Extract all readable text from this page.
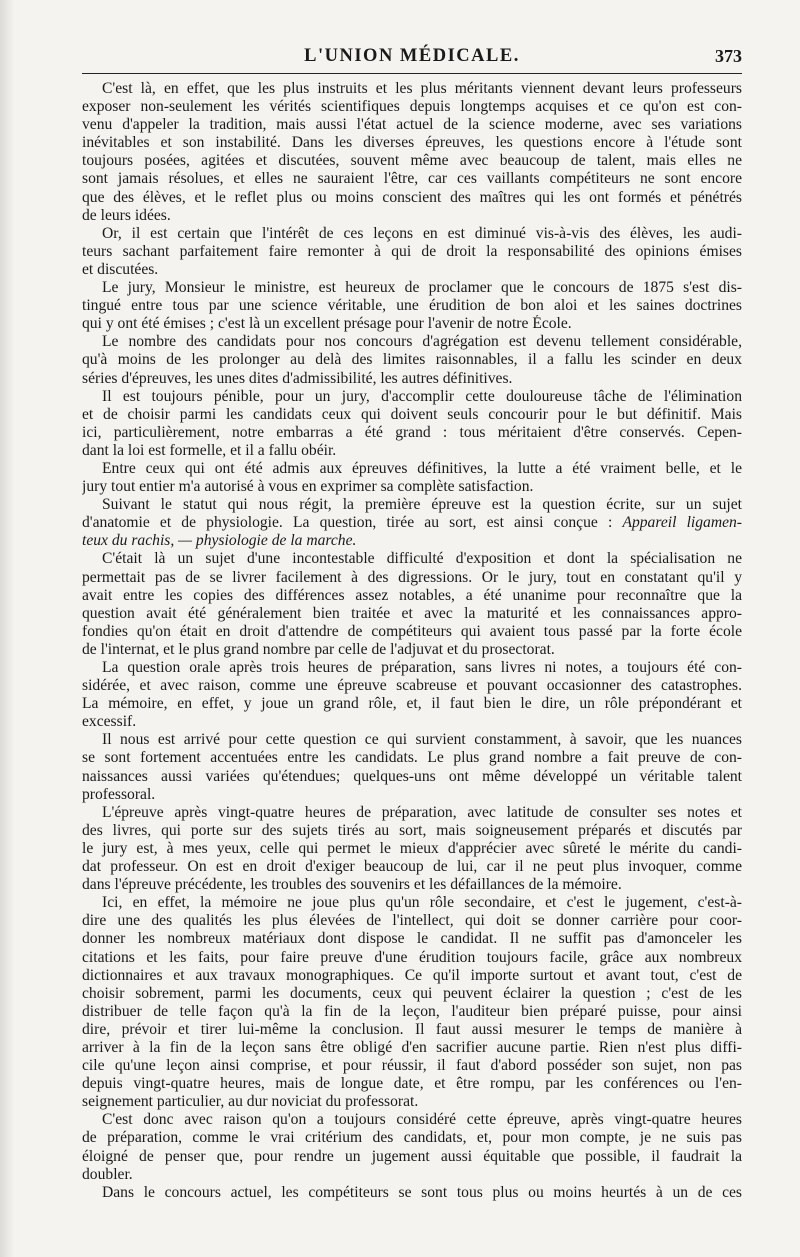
L'UNION MÉDICALE.	373
C'est là, en effet, que les plus instruits et les plus méritants viennent devant leurs professeurs
exposer non-seulement les vérités scientifiques depuis longtemps acquises et ce qu'on est con-
venu d'appeler la tradition, mais aussi l'état actuel de la science moderne, avec ses variations
inévitables et son instabilité. Dans les diverses épreuves, les questions encore à l'étude sont
toujours posées, agitées et discutées, souvent même avec beaucoup de talent, mais elles ne
sont jamais résolues, et elles ne sauraient l'être, car ces vaillants compétiteurs ne sont encore
que des élèves, et le reflet plus ou moins conscient des maîtres qui les ont formés et pénétrés
de leurs idées.
Or, il est certain que l'intérêt de ces leçons en est diminué vis-à-vis des élèves, les audi-
teurs sachant parfaitement faire remonter à qui de droit la responsabilité des opinions émises
et discutées.
Le jury, Monsieur le ministre, est heureux de proclamer que le concours de 1875 s'est dis-
tingué entre tous par une science véritable, une érudition de bon aloi et les saines doctrines
qui y ont été émises ; c'est là un excellent présage pour l'avenir de notre École.
Le nombre des candidats pour nos concours d'agrégation est devenu tellement considérable,
qu'à moins de les prolonger au delà des limites raisonnables, il a fallu les scinder en deux
séries d'épreuves, les unes dites d'admissibilité, les autres définitives.
Il est toujours pénible, pour un jury, d'accomplir cette douloureuse tâche de l'élimination
et de choisir parmi les candidats ceux qui doivent seuls concourir pour le but définitif. Mais
ici, particulièrement, notre embarras a été grand : tous méritaient d'être conservés. Cepen-
dant la loi est formelle, et il a fallu obéir.
Entre ceux qui ont été admis aux épreuves définitives, la lutte a été vraiment belle, et le
jury tout entier m'a autorisé à vous en exprimer sa complète satisfaction.
Suivant le statut qui nous régit, la première épreuve est la question écrite, sur un sujet
d'anatomie et de physiologie. La question, tirée au sort, est ainsi conçue : Appareil ligamen-
teux du rachis, — physiologie de la marche.
C'était là un sujet d'une incontestable difficulté d'exposition et dont la spécialisation ne
permettait pas de se livrer facilement à des digressions. Or le jury, tout en constatant qu'il y
avait entre les copies des différences assez notables, a été unanime pour reconnaître que la
question avait été généralement bien traitée et avec la maturité et les connaissances appro-
fondies qu'on était en droit d'attendre de compétiteurs qui avaient tous passé par la forte école
de l'internat, et le plus grand nombre par celle de l'adjuvat et du prosectorat.
La question orale après trois heures de préparation, sans livres ni notes, a toujours été con-
sidérée, et avec raison, comme une épreuve scabreuse et pouvant occasionner des catastrophes.
La mémoire, en effet, y joue un grand rôle, et, il faut bien le dire, un rôle prépondérant et
excessif.
Il nous est arrivé pour cette question ce qui survient constamment, à savoir, que les nuances
se sont fortement accentuées entre les candidats. Le plus grand nombre a fait preuve de con-
naissances aussi variées qu'étendues; quelques-uns ont même développé un véritable talent
professoral.
L'épreuve après vingt-quatre heures de préparation, avec latitude de consulter ses notes et
des livres, qui porte sur des sujets tirés au sort, mais soigneusement préparés et discutés par
le jury est, à mes yeux, celle qui permet le mieux d'apprécier avec sûreté le mérite du candi-
dat professeur. On est en droit d'exiger beaucoup de lui, car il ne peut plus invoquer, comme
dans l'épreuve précédente, les troubles des souvenirs et les défaillances de la mémoire.
Ici, en effet, la mémoire ne joue plus qu'un rôle secondaire, et c'est le jugement, c'est-à-
dire une des qualités les plus élevées de l'intellect, qui doit se donner carrière pour coor-
donner les nombreux matériaux dont dispose le candidat. Il ne suffit pas d'amonceler les
citations et les faits, pour faire preuve d'une érudition toujours facile, grâce aux nombreux
dictionnaires et aux travaux monographiques. Ce qu'il importe surtout et avant tout, c'est de
choisir sobrement, parmi les documents, ceux qui peuvent éclairer la question ; c'est de les
distribuer de telle façon qu'à la fin de la leçon, l'auditeur bien préparé puisse, pour ainsi
dire, prévoir et tirer lui-même la conclusion. Il faut aussi mesurer le temps de manière à
arriver à la fin de la leçon sans être obligé d'en sacrifier aucune partie. Rien n'est plus diffi-
cile qu'une leçon ainsi comprise, et pour réussir, il faut d'abord posséder son sujet, non pas
depuis vingt-quatre heures, mais de longue date, et être rompu, par les conférences ou l'en-
seignement particulier, au dur noviciat du professorat.
C'est donc avec raison qu'on a toujours considéré cette épreuve, après vingt-quatre heures
de préparation, comme le vrai critérium des candidats, et, pour mon compte, je ne suis pas
éloigné de penser que, pour rendre un jugement aussi équitable que possible, il faudrait la
doubler.
Dans le concours actuel, les compétiteurs se sont tous plus ou moins heurtés à un de ces
